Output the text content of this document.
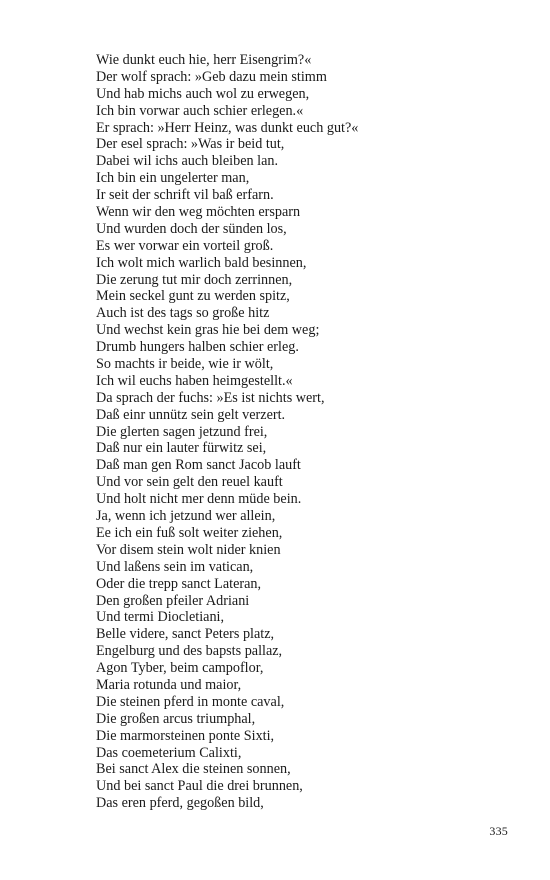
Wie dunkt euch hie, herr Eisengrim?«
Der wolf sprach: »Geb dazu mein stimm
Und hab michs auch wol zu erwegen,
Ich bin vorwar auch schier erlegen.«
Er sprach: »Herr Heinz, was dunkt euch gut?«
Der esel sprach: »Was ir beid tut,
Dabei wil ichs auch bleiben lan.
Ich bin ein ungelerter man,
Ir seit der schrift vil baß erfarn.
Wenn wir den weg möchten ersparn
Und wurden doch der sünden los,
Es wer vorwar ein vorteil groß.
Ich wolt mich warlich bald besinnen,
Die zerung tut mir doch zerrinnen,
Mein seckel gunt zu werden spitz,
Auch ist des tags so große hitz
Und wechst kein gras hie bei dem weg;
Drumb hungers halben schier erleg.
So machts ir beide, wie ir wölt,
Ich wil euchs haben heimgestellt.«
Da sprach der fuchs: »Es ist nichts wert,
Daß einr unnütz sein gelt verzert.
Die glerten sagen jetzund frei,
Daß nur ein lauter fürwitz sei,
Daß man gen Rom sanct Jacob lauft
Und vor sein gelt den reuel kauft
Und holt nicht mer denn müde bein.
Ja, wenn ich jetzund wer allein,
Ee ich ein fuß solt weiter ziehen,
Vor disem stein wolt nider knien
Und laßens sein im vatican,
Oder die trepp sanct Lateran,
Den großen pfeiler Adriani
Und termi Diocletiani,
Belle videre, sanct Peters platz,
Engelburg und des bapsts pallaz,
Agon Tyber, beim campoflor,
Maria rotunda und maior,
Die steinen pferd in monte caval,
Die großen arcus triumphal,
Die marmorsteinen ponte Sixti,
Das coemeterium Calixti,
Bei sanct Alex die steinen sonnen,
Und bei sanct Paul die drei brunnen,
Das eren pferd, gegoßen bild,
335
